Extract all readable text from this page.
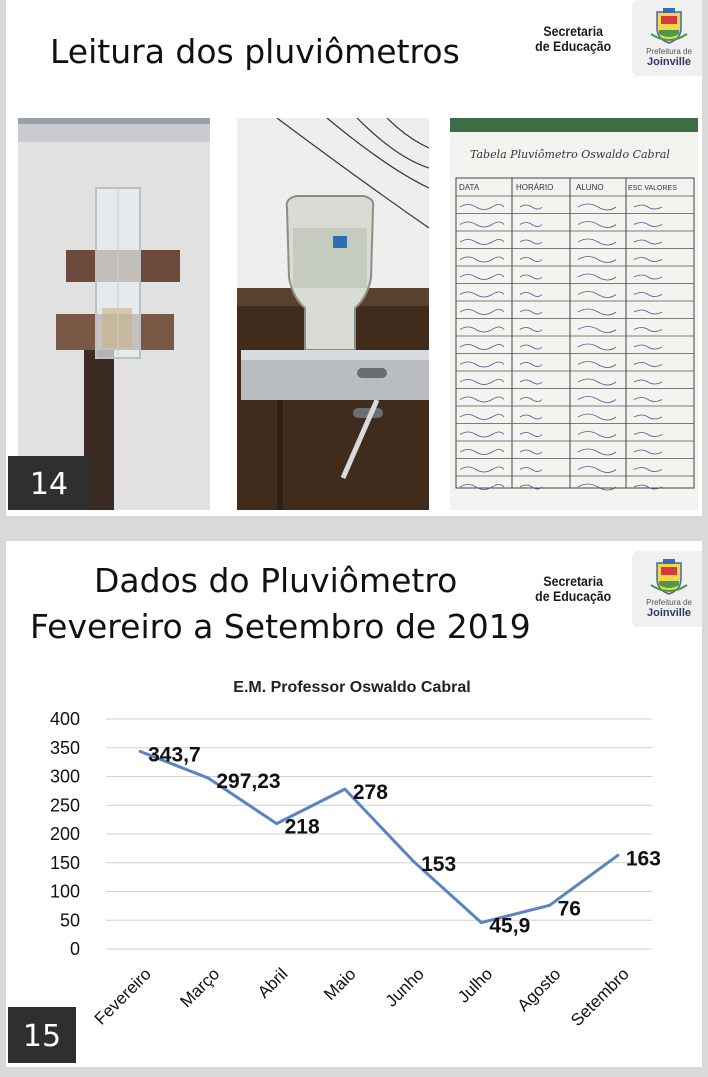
Leitura dos pluviômetros
Secretaria
de Educação	Prefeitura de
Joinville
Tabela Pluviômetro Oswaldo Cabral
DATA	HORÁRIO	ALUNO	ESC VALORES
14
Dados do Pluviômetro
Fevereiro a Setembro de 2019
Secretaria
de Educação	Prefeitura de
Joinville
E.M. Professor Oswaldo Cabral
0
50
100
150
200
250
300
350
400
343,7
297,23
218
278
153
45,9
76
163
Fevereiro Março Abril Maio Junho Julho Agosto Setembro
15
